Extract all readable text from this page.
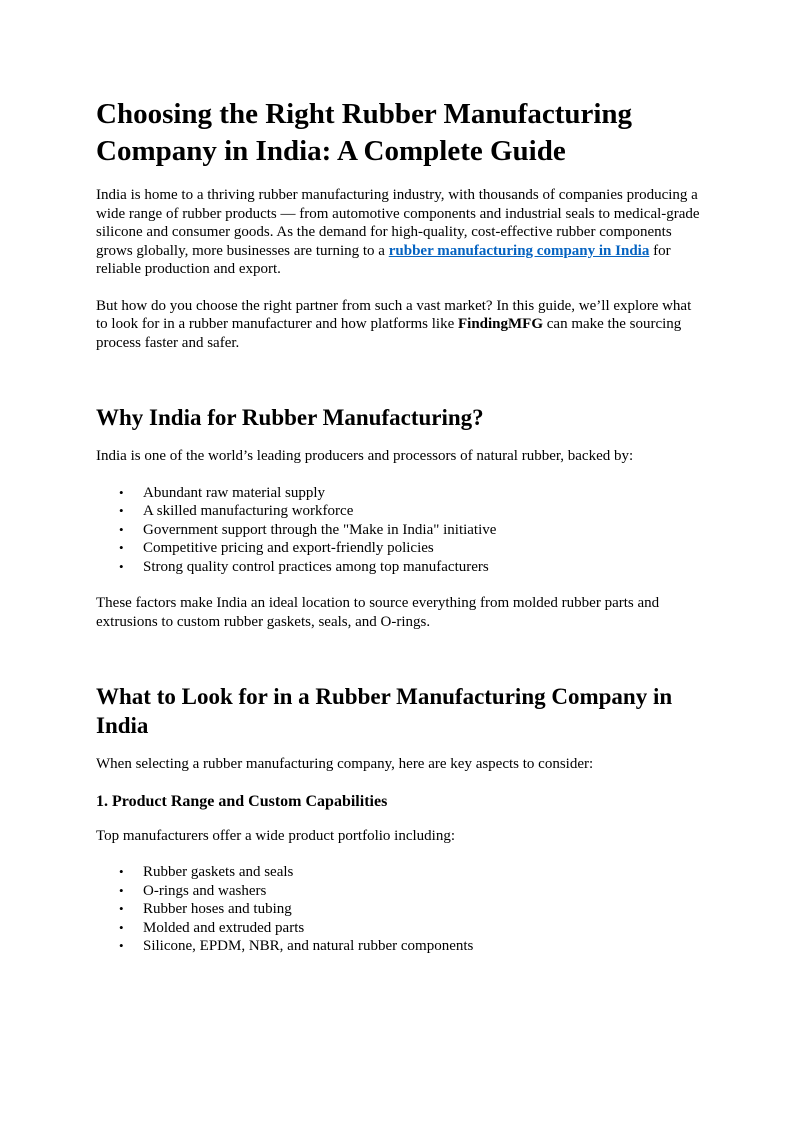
Choosing the Right Rubber Manufacturing Company in India: A Complete Guide

India is home to a thriving rubber manufacturing industry, with thousands of companies producing a wide range of rubber products — from automotive components and industrial seals to medical-grade silicone and consumer goods. As the demand for high-quality, cost-effective rubber components grows globally, more businesses are turning to a rubber manufacturing company in India for reliable production and export.

But how do you choose the right partner from such a vast market? In this guide, we’ll explore what to look for in a rubber manufacturer and how platforms like FindingMFG can make the sourcing process faster and safer.

Why India for Rubber Manufacturing?

India is one of the world’s leading producers and processors of natural rubber, backed by:

• Abundant raw material supply
• A skilled manufacturing workforce
• Government support through the "Make in India" initiative
• Competitive pricing and export-friendly policies
• Strong quality control practices among top manufacturers

These factors make India an ideal location to source everything from molded rubber parts and extrusions to custom rubber gaskets, seals, and O-rings.

What to Look for in a Rubber Manufacturing Company in India

When selecting a rubber manufacturing company, here are key aspects to consider:

1. Product Range and Custom Capabilities

Top manufacturers offer a wide product portfolio including:

• Rubber gaskets and seals
• O-rings and washers
• Rubber hoses and tubing
• Molded and extruded parts
• Silicone, EPDM, NBR, and natural rubber components
